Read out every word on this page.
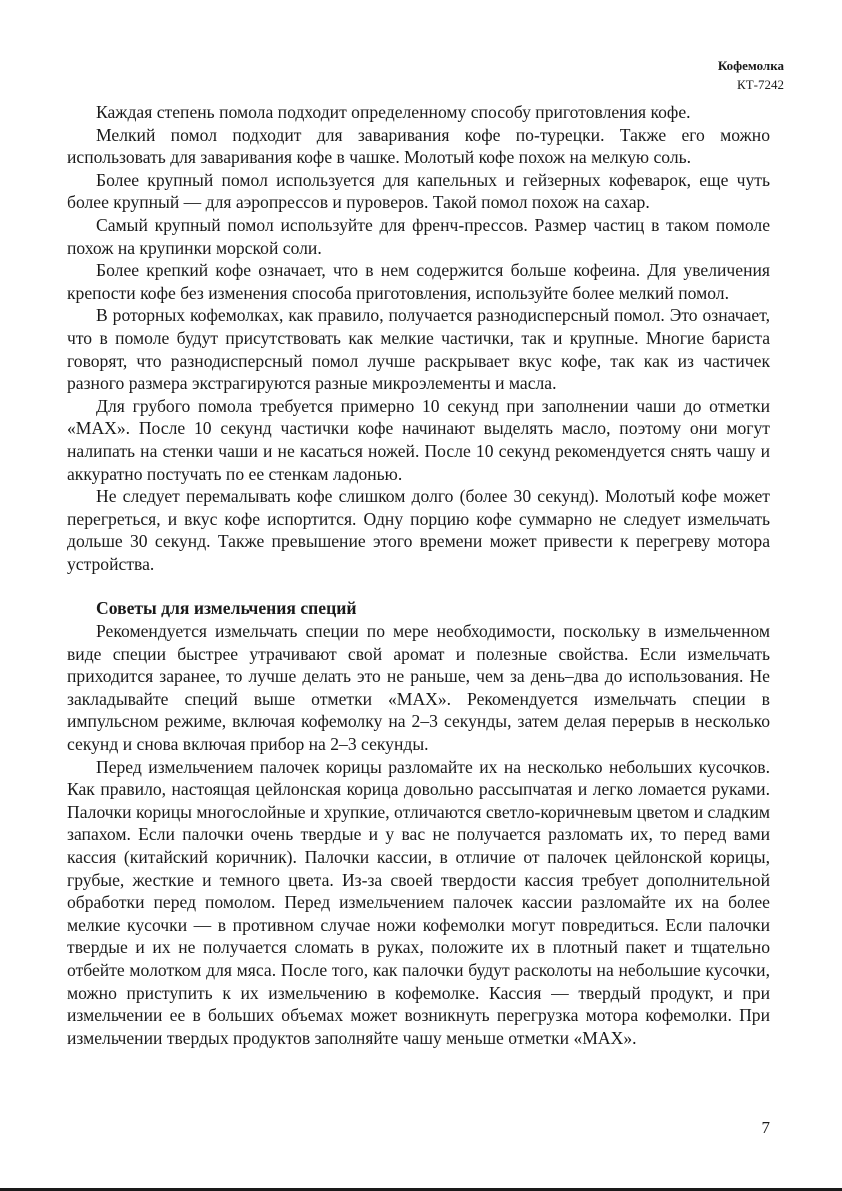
Кофемолка
КТ-7242

Каждая степень помола подходит определенному способу приготовления кофе.

Мелкий помол подходит для заваривания кофе по-турецки. Также его можно использовать для заваривания кофе в чашке. Молотый кофе похож на мелкую соль.

Более крупный помол используется для капельных и гейзерных кофеварок, еще чуть более крупный — для аэропрессов и пуроверов. Такой помол похож на сахар.

Самый крупный помол используйте для френч-прессов. Размер частиц в таком помоле похож на крупинки морской соли.

Более крепкий кофе означает, что в нем содержится больше кофеина. Для увеличения крепости кофе без изменения способа приготовления, используйте более мелкий помол.

В роторных кофемолках, как правило, получается разнодисперсный помол. Это означает, что в помоле будут присутствовать как мелкие частички, так и крупные. Многие бариста говорят, что разнодисперсный помол лучше раскрывает вкус кофе, так как из частичек разного размера экстрагируются разные микроэлементы и масла.

Для грубого помола требуется примерно 10 секунд при заполнении чаши до отметки «MAX». После 10 секунд частички кофе начинают выделять масло, поэтому они могут налипать на стенки чаши и не касаться ножей. После 10 секунд рекомендуется снять чашу и аккуратно постучать по ее стенкам ладонью.

Не следует перемалывать кофе слишком долго (более 30 секунд). Молотый кофе может перегреться, и вкус кофе испортится. Одну порцию кофе суммарно не следует измельчать дольше 30 секунд. Также превышение этого времени может привести к перегреву мотора устройства.

Советы для измельчения специй

Рекомендуется измельчать специи по мере необходимости, поскольку в измельченном виде специи быстрее утрачивают свой аромат и полезные свойства. Если измельчать приходится заранее, то лучше делать это не раньше, чем за день–два до использования. Не закладывайте специй выше отметки «MAX». Рекомендуется измельчать специи в импульсном режиме, включая кофемолку на 2–3 секунды, затем делая перерыв в несколько секунд и снова включая прибор на 2–3 секунды.

Перед измельчением палочек корицы разломайте их на несколько небольших кусочков. Как правило, настоящая цейлонская корица довольно рассыпчатая и легко ломается руками. Палочки корицы многослойные и хрупкие, отличаются светло-коричневым цветом и сладким запахом. Если палочки очень твердые и у вас не получается разломать их, то перед вами кассия (китайский коричник). Палочки кассии, в отличие от палочек цейлонской корицы, грубые, жесткие и темного цвета. Из-за своей твердости кассия требует дополнительной обработки перед помолом. Перед измельчением палочек кассии разломайте их на более мелкие кусочки — в противном случае ножи кофемолки могут повредиться. Если палочки твердые и их не получается сломать в руках, положите их в плотный пакет и тщательно отбейте молотком для мяса. После того, как палочки будут расколоты на небольшие кусочки, можно приступить к их измельчению в кофемолке. Кассия — твердый продукт, и при измельчении ее в больших объемах может возникнуть перегрузка мотора кофемолки. При измельчении твердых продуктов заполняйте чашу меньше отметки «MAX».

7
